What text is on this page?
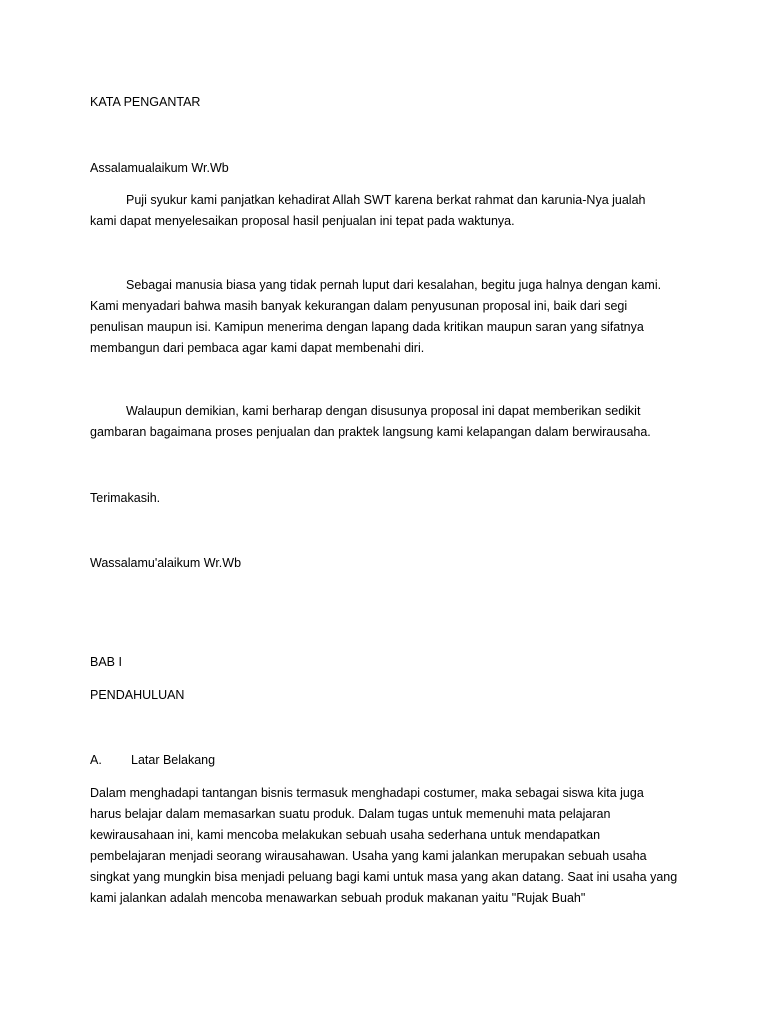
KATA PENGANTAR
Assalamualaikum Wr.Wb

Puji syukur kami panjatkan kehadirat Allah SWT karena berkat rahmat dan karunia-Nya jualah

kami dapat menyelesaikan proposal hasil penjualan ini tepat pada waktunya.

Sebagai manusia biasa yang tidak pernah luput dari kesalahan, begitu juga halnya dengan kami.

Kami menyadari bahwa masih banyak kekurangan dalam penyusunan proposal ini, baik dari segi

penulisan maupun isi. Kamipun menerima dengan lapang dada kritikan maupun saran yang sifatnya

membangun dari pembaca agar kami dapat membenahi diri.

Walaupun demikian, kami berharap dengan disusunya proposal ini dapat memberikan sedikit

gambaran bagaimana proses penjualan dan praktek langsung kami kelapangan dalam berwirausaha.

Terimakasih.
Wassalamu'alaikum Wr.Wb
BAB I
PENDAHULUAN
A. Latar Belakang

Dalam menghadapi tantangan bisnis termasuk menghadapi costumer, maka sebagai siswa kita juga

harus belajar dalam memasarkan suatu produk. Dalam tugas untuk memenuhi mata pelajaran

kewirausahaan ini, kami mencoba melakukan sebuah usaha sederhana untuk mendapatkan

pembelajaran menjadi seorang wirausahawan. Usaha yang kami jalankan merupakan sebuah usaha

singkat yang mungkin bisa menjadi peluang bagi kami untuk masa yang akan datang. Saat ini usaha yang

kami jalankan adalah mencoba menawarkan sebuah produk makanan yaitu "Rujak Buah"
